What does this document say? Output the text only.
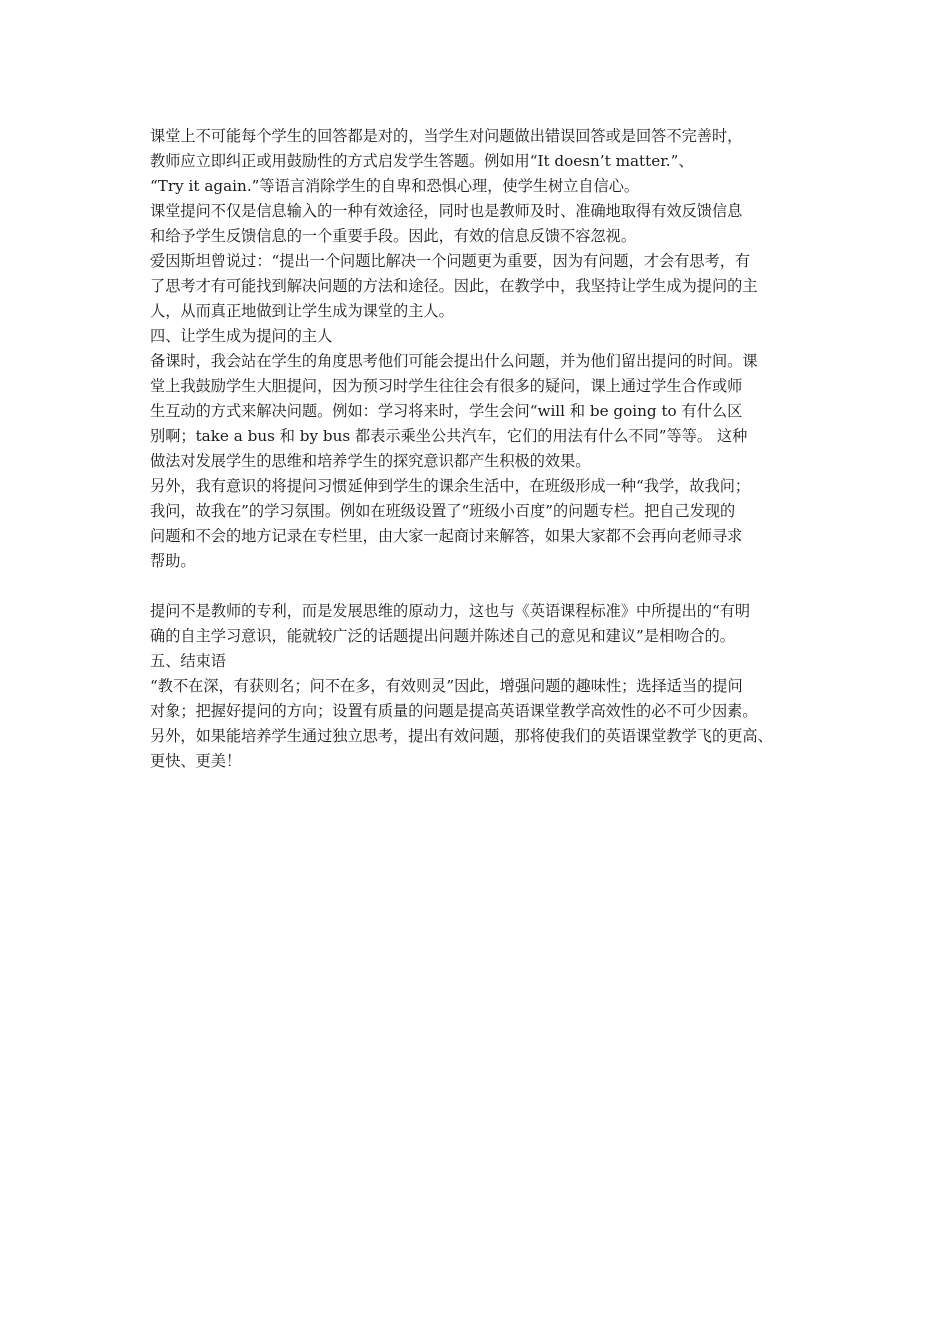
课堂上不可能每个学生的回答都是对的，当学生对问题做出错误回答或是回答不完善时，
教师应立即纠正或用鼓励性的方式启发学生答题。例如用“It doesn’t matter.”、
“Try it again.”等语言消除学生的自卑和恐惧心理，使学生树立自信心。
课堂提问不仅是信息输入的一种有效途径，同时也是教师及时、准确地取得有效反馈信息
和给予学生反馈信息的一个重要手段。因此，有效的信息反馈不容忽视。
爱因斯坦曾说过：“提出一个问题比解决一个问题更为重要，因为有问题，才会有思考，有
了思考才有可能找到解决问题的方法和途径。因此，在教学中，我坚持让学生成为提问的主
人，从而真正地做到让学生成为课堂的主人。
四、让学生成为提问的主人
备课时，我会站在学生的角度思考他们可能会提出什么问题，并为他们留出提问的时间。课
堂上我鼓励学生大胆提问，因为预习时学生往往会有很多的疑问，课上通过学生合作或师
生互动的方式来解决问题。例如：学习将来时，学生会问“will 和 be going to 有什么区
别啊；take a bus 和 by bus 都表示乘坐公共汽车，它们的用法有什么不同”等等。 这种
做法对发展学生的思维和培养学生的探究意识都产生积极的效果。
另外，我有意识的将提问习惯延伸到学生的课余生活中，在班级形成一种“我学，故我问；
我问，故我在”的学习氛围。例如在班级设置了“班级小百度”的问题专栏。把自己发现的
问题和不会的地方记录在专栏里，由大家一起商讨来解答，如果大家都不会再向老师寻求
帮助。
提问不是教师的专利，而是发展思维的原动力，这也与《英语课程标准》中所提出的“有明
确的自主学习意识，能就较广泛的话题提出问题并陈述自己的意见和建议”是相吻合的。
五、结束语
“教不在深，有获则名；问不在多，有效则灵”因此，增强问题的趣味性；选择适当的提问
对象；把握好提问的方向；设置有质量的问题是提高英语课堂教学高效性的必不可少因素。
另外，如果能培养学生通过独立思考，提出有效问题，那将使我们的英语课堂教学飞的更高、
更快、更美！
